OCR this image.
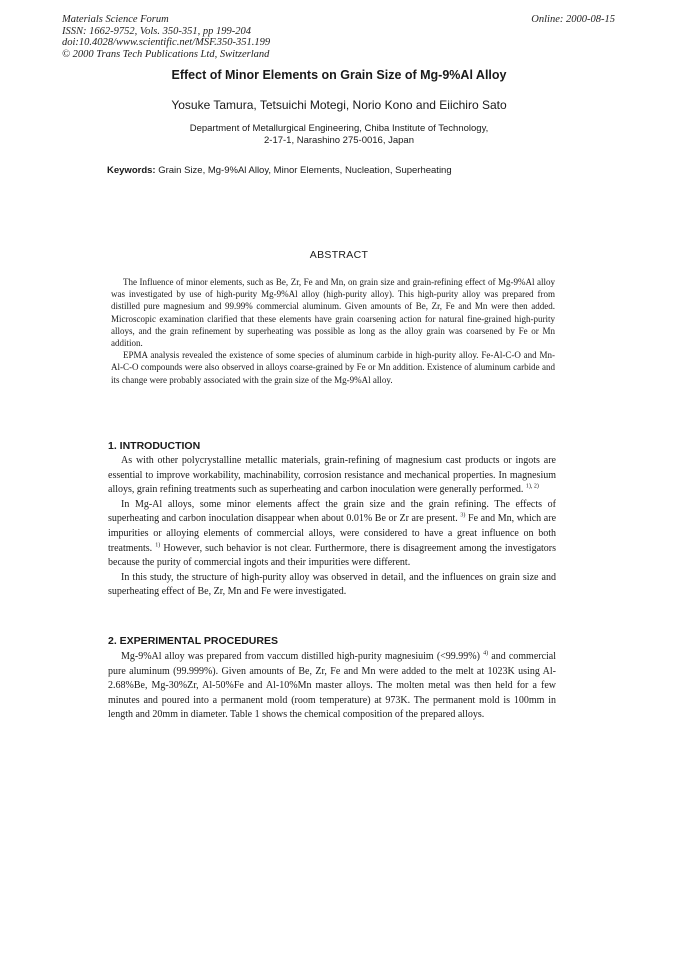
Materials Science Forum
ISSN: 1662-9752, Vols. 350-351, pp 199-204
doi:10.4028/www.scientific.net/MSF.350-351.199
© 2000 Trans Tech Publications Ltd, Switzerland
Online: 2000-08-15
Effect of Minor Elements on Grain Size of Mg-9%Al Alloy
Yosuke Tamura, Tetsuichi Motegi, Norio Kono and Eiichiro Sato
Department of Metallurgical Engineering, Chiba Institute of Technology,
2-17-1, Narashino 275-0016, Japan
Keywords: Grain Size, Mg-9%Al Alloy, Minor Elements, Nucleation, Superheating
ABSTRACT

The Influence of minor elements, such as Be, Zr, Fe and Mn, on grain size and grain-refining effect of Mg-9%Al alloy was investigated by use of high-purity Mg-9%Al alloy (high-purity alloy). This high-purity alloy was prepared from distilled pure magnesium and 99.99% commercial aluminum. Given amounts of Be, Zr, Fe and Mn were then added. Microscopic examination clarified that these elements have grain coarsening action for natural fine-grained high-purity alloys, and the grain refinement by superheating was possible as long as the alloy grain was coarsened by Fe or Mn addition.

EPMA analysis revealed the existence of some species of aluminum carbide in high-purity alloy. Fe-Al-C-O and Mn-Al-C-O compounds were also observed in alloys coarse-grained by Fe or Mn addition. Existence of aluminum carbide and its change were probably associated with the grain size of the Mg-9%Al alloy.

1. INTRODUCTION

As with other polycrystalline metallic materials, grain-refining of magnesium cast products or ingots are essential to improve workability, machinability, corrosion resistance and mechanical properties. In magnesium alloys, grain refining treatments such as superheating and carbon inoculation were generally performed. $^{1), 2)}$

In Mg-Al alloys, some minor elements affect the grain size and the grain refining. The effects of superheating and carbon inoculation disappear when about 0.01% Be or Zr are present. $^{3)}$ Fe and Mn, which are impurities or alloying elements of commercial alloys, were considered to have a great influence on both treatments. $^{1)}$ However, such behavior is not clear. Furthermore, there is disagreement among the investigators because the purity of commercial ingots and their impurities were different.

In this study, the structure of high-purity alloy was observed in detail, and the influences on grain size and superheating effect of Be, Zr, Mn and Fe were investigated.

2. EXPERIMENTAL PROCEDURES

Mg-9%Al alloy was prepared from vaccum distilled high-purity magnesiuim (<99.99%) $^{4)}$ and commercial pure aluminum (99.999%). Given amounts of Be, Zr, Fe and Mn were added to the melt at 1023K using Al-2.68%Be, Mg-30%Zr, Al-50%Fe and Al-10%Mn master alloys. The molten metal was then held for a few minutes and poured into a permanent mold (room temperature) at 973K. The permanent mold is 100mm in length and 20mm in diameter. Table 1 shows the chemical composition of the prepared alloys.
